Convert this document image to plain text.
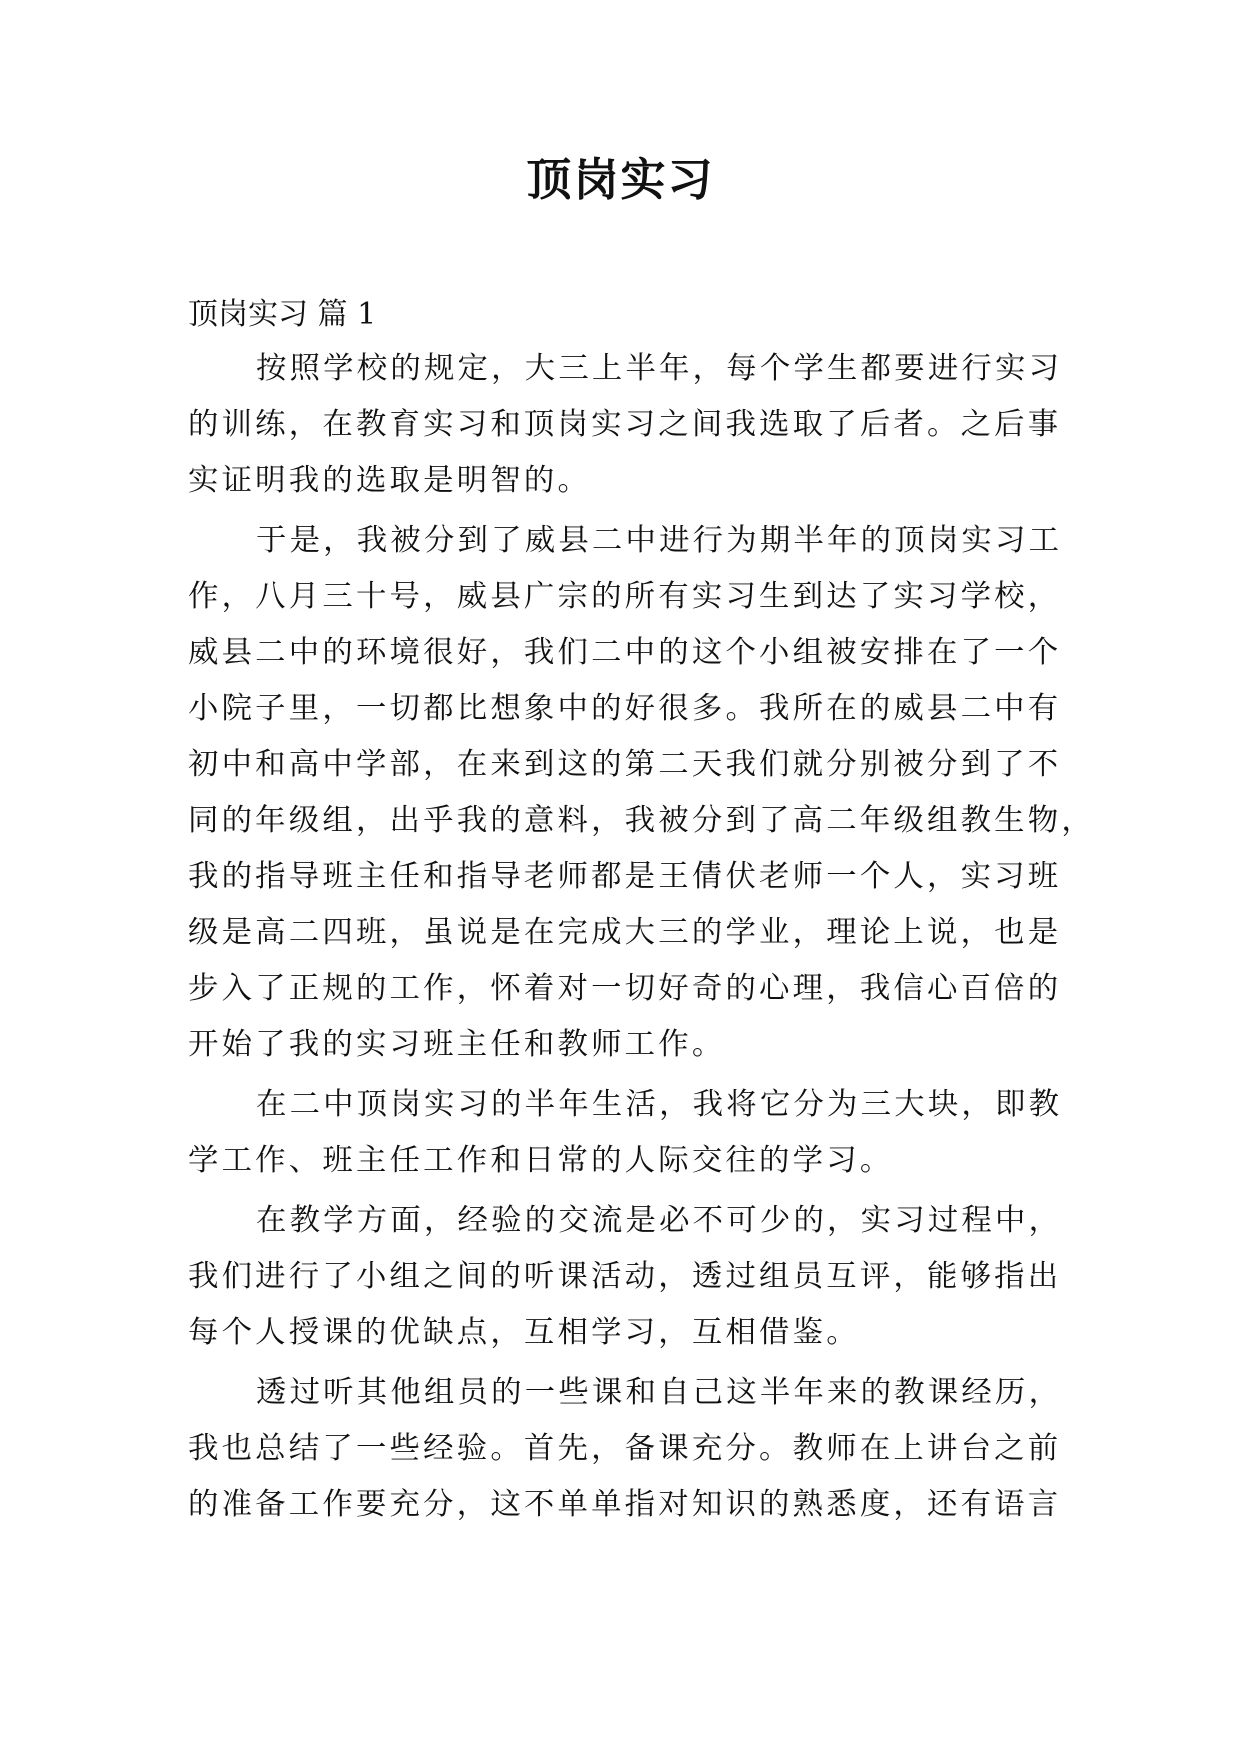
顶岗实习

顶岗实习 篇 1

按照学校的规定，大三上半年，每个学生都要进行实习

的训练，在教育实习和顶岗实习之间我选取了后者。之后事

实证明我的选取是明智的。

于是，我被分到了威县二中进行为期半年的顶岗实习工

作，八月三十号，威县广宗的所有实习生到达了实习学校，

威县二中的环境很好，我们二中的这个小组被安排在了一个

小院子里，一切都比想象中的好很多。我所在的威县二中有

初中和高中学部，在来到这的第二天我们就分别被分到了不

同的年级组，出乎我的意料，我被分到了高二年级组教生物，

我的指导班主任和指导老师都是王倩伏老师一个人，实习班

级是高二四班，虽说是在完成大三的学业，理论上说，也是

步入了正规的工作，怀着对一切好奇的心理，我信心百倍的

开始了我的实习班主任和教师工作。

在二中顶岗实习的半年生活，我将它分为三大块，即教

学工作、班主任工作和日常的人际交往的学习。

在教学方面，经验的交流是必不可少的，实习过程中，

我们进行了小组之间的听课活动，透过组员互评，能够指出

每个人授课的优缺点，互相学习，互相借鉴。

透过听其他组员的一些课和自己这半年来的教课经历，

我也总结了一些经验。首先，备课充分。教师在上讲台之前

的准备工作要充分，这不单单指对知识的熟悉度，还有语言
